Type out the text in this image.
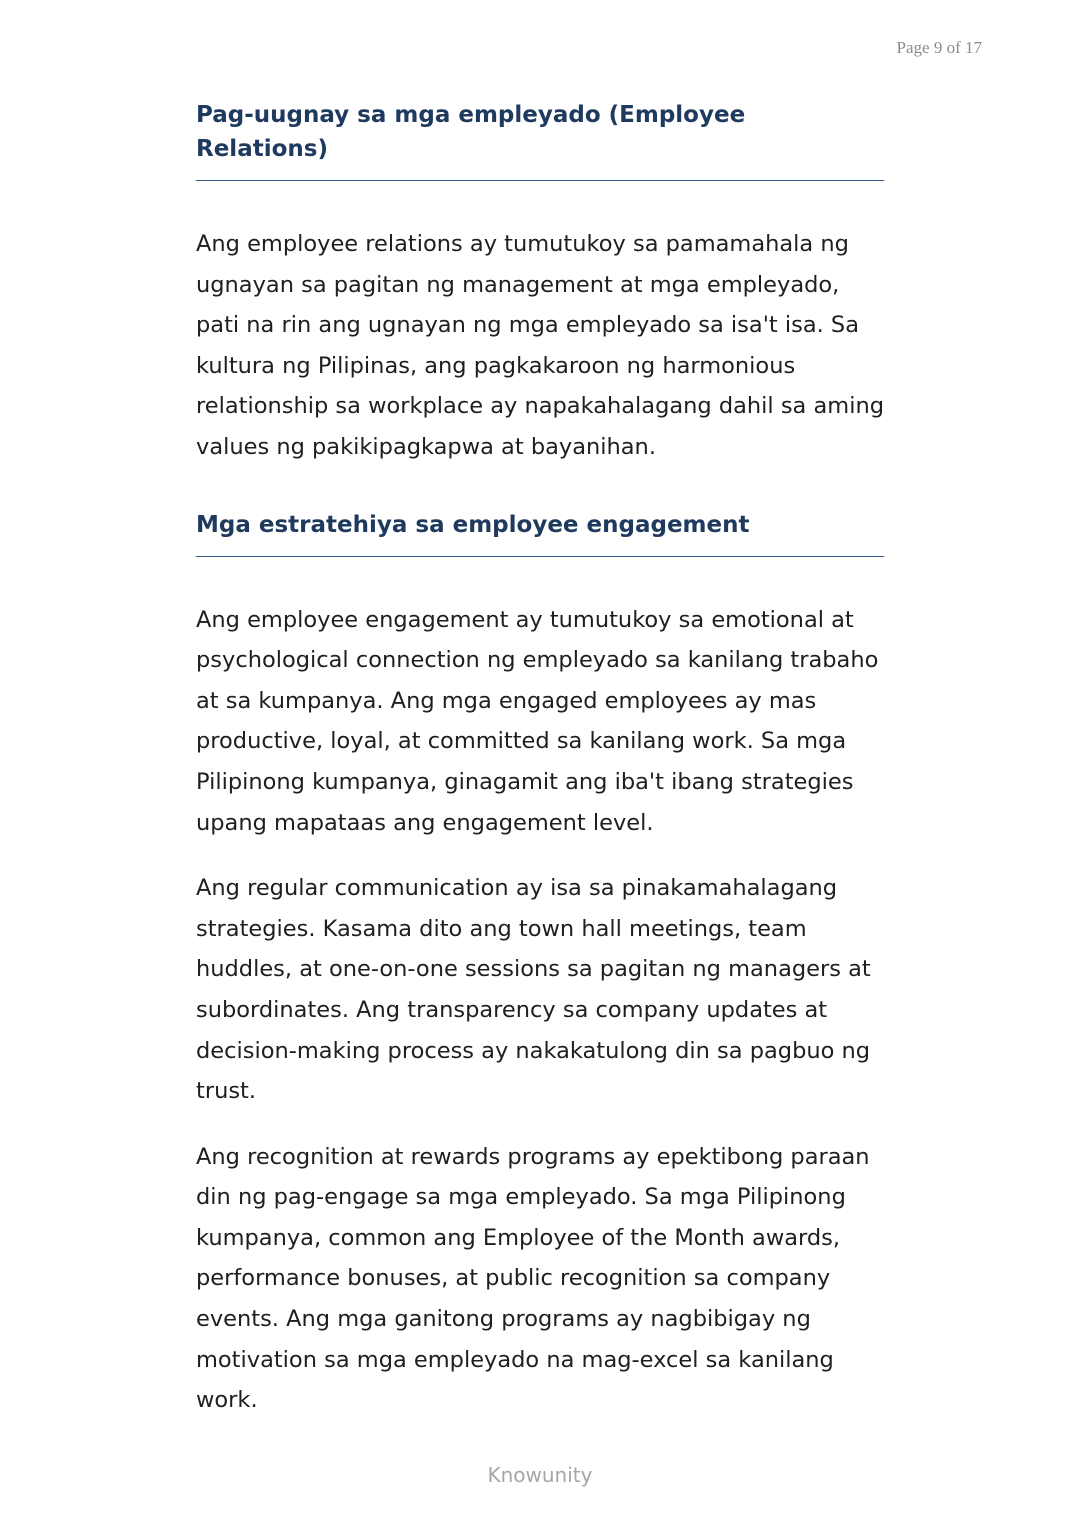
Page 9 of 17
Pag-uugnay sa mga empleyado (Employee Relations)

Ang employee relations ay tumutukoy sa pamamahala ng ugnayan sa pagitan ng management at mga empleyado, pati na rin ang ugnayan ng mga empleyado sa isa't isa. Sa kultura ng Pilipinas, ang pagkakaroon ng harmonious relationship sa workplace ay napakahalagang dahil sa aming values ng pakikipagkapwa at bayanihan.

Mga estratehiya sa employee engagement

Ang employee engagement ay tumutukoy sa emotional at psychological connection ng empleyado sa kanilang trabaho at sa kumpanya. Ang mga engaged employees ay mas productive, loyal, at committed sa kanilang work. Sa mga Pilipinong kumpanya, ginagamit ang iba't ibang strategies upang mapataas ang engagement level.

Ang regular communication ay isa sa pinakamahalagang strategies. Kasama dito ang town hall meetings, team huddles, at one-on-one sessions sa pagitan ng managers at subordinates. Ang transparency sa company updates at decision-making process ay nakakatulong din sa pagbuo ng trust.

Ang recognition at rewards programs ay epektibong paraan din ng pag-engage sa mga empleyado. Sa mga Pilipinong kumpanya, common ang Employee of the Month awards, performance bonuses, at public recognition sa company events. Ang mga ganitong programs ay nagbibigay ng motivation sa mga empleyado na mag-excel sa kanilang work.

Knowunity
